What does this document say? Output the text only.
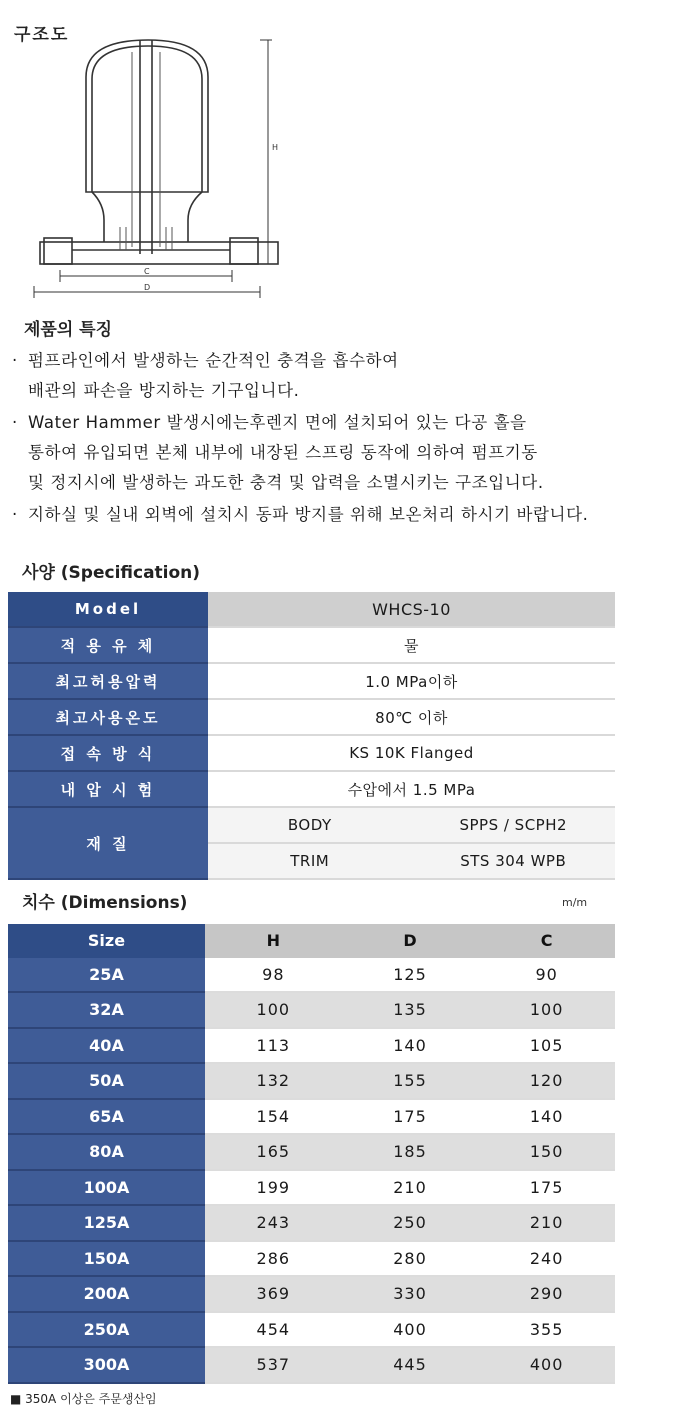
구조도
H
C
D
제품의 특징
· 펌프라인에서 발생하는 순간적인 충격을 흡수하여
배관의 파손을 방지하는 기구입니다.
· Water Hammer 발생시에는후렌지 면에 설치되어 있는 다공 홀을
통하여 유입되면 본체 내부에 내장된 스프링 동작에 의하여 펌프기동
및 정지시에 발생하는 과도한 충격 및 압력을 소멸시키는 구조입니다.
· 지하실 및 실내 외벽에 설치시 동파 방지를 위해 보온처리 하시기 바랍니다.
사양 (Specification)
Model	WHCS-10	
적 용 유 체	물	
최고허용압력	1.0 MPa이하	
최고사용온도	80℃ 이하	
접 속 방 식	KS 10K Flanged	
내 압 시 험	수압에서 1.5 MPa	
재 질	BODY	SPPS / SCPH2
	TRIM	STS 304 WPB
치수 (Dimensions)	m/m
Size	H	D	C
25A	98	125	90
32A	100	135	100
40A	113	140	105
50A	132	155	120
65A	154	175	140
80A	165	185	150
100A	199	210	175
125A	243	250	210
150A	286	280	240
200A	369	330	290
250A	454	400	355
300A	537	445	400
■ 350A 이상은 주문생산임
